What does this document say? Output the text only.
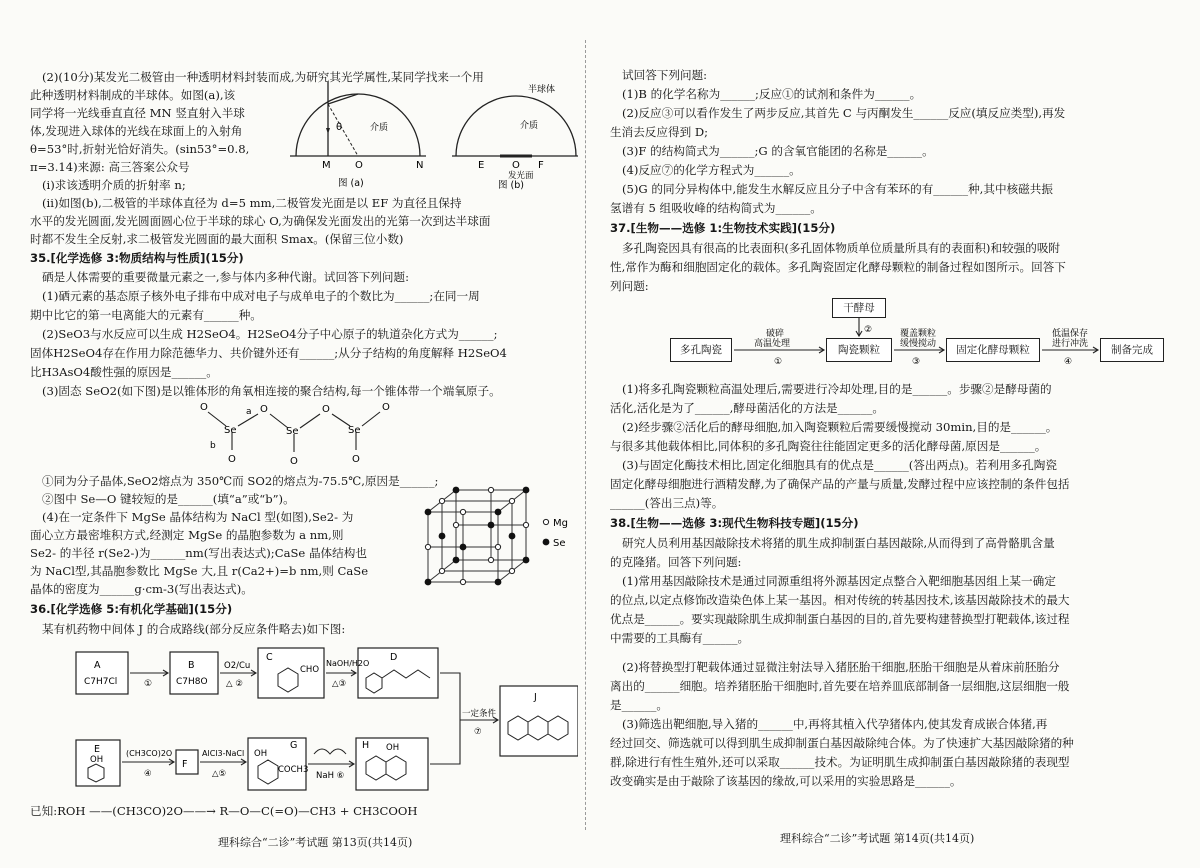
(2)(10分)某发光二极管由一种透明材料封装而成,为研究其光学属性,某同学找来一个用
此种透明材料制成的半球体。如图(a),该
同学将一光线垂直直径 MN 竖直射入半球
体,发现进入球体的光线在球面上的入射角
θ=53°时,折射光恰好消失。(sin53°=0.8,
π=3.14)来源: 高三答案公众号
(i)求该透明介质的折射率 n;
(ii)如图(b),二极管的半球体直径为 d=5 mm,二极管发光面是以 EF 为直径且保持
水平的发光圆面,发光圆面圆心位于半球的球心 O,为确保发光面发出的光第一次到达半球面
时都不发生全反射,求二极管发光圆面的最大面积 Smax。(保留三位小数)
M O	N
θ	介质
图 (a)
半球体
介质
E	O F
发光面
图 (b)
35.[化学选修 3:物质结构与性质](15分)
硒是人体需要的重要微量元素之一,参与体内多种代谢。试回答下列问题:
(1)硒元素的基态原子核外电子排布中成对电子与成单电子的个数比为______;在同一周
期中比它的第一电离能大的元素有______种。
(2)SeO3与水反应可以生成 H2SeO4。H2SeO4分子中心原子的轨道杂化方式为______;
固体H2SeO4存在作用力除范德华力、共价键外还有______;从分子结构的角度解释 H2SeO4
比H3AsO4酸性强的原因是______。
(3)固态 SeO2(如下图)是以锥体形的角氧相连接的聚合结构,每一个锥体带一个端氧原子。
O
Se
O
Se
O
Se
O
a
b
O	O	O
①同为分子晶体,SeO2熔点为 350℃而 SO2的熔点为-75.5℃,原因是______;
②图中 Se—O 键较短的是______(填“a”或“b”)。
(4)在一定条件下 MgSe 晶体结构为 NaCl 型(如图),Se2- 为
面心立方最密堆积方式,经测定 MgSe 的晶胞参数为 a nm,则
Se2- 的半径 r(Se2-)为______nm(写出表达式);CaSe 晶体结构也
为 NaCl型,其晶胞参数比 MgSe 大,且 r(Ca2+)=b nm,则 CaSe
晶体的密度为______g·cm-3(写出表达式)。
Mg
Se
36.[化学选修 5:有机化学基础](15分)
某有机药物中间体 J 的合成路线(部分反应条件略去)如下图:
A
C7H7Cl
B
C7H8O
①
O2/Cu
△ ②
C
CHO
NaOH/H2O
△③
D
一定条件
⑦
J
E
OH
(CH3CO)2O
④
F
AlCl3-NaCl
△⑤
G
OH
COCH3
NaH ⑥
H OH
已知:ROH ——(CH3CO)2O——→ R—O—C(=O)—CH3 + CH3COOH
理科综合“二诊”考试题 第13页(共14页)
试回答下列问题:
(1)B 的化学名称为______;反应①的试剂和条件为______。
(2)反应③可以看作发生了两步反应,其首先 C 与丙酮发生______反应(填反应类型),再发
生消去反应得到 D;
(3)F 的结构简式为______;G 的含氧官能团的名称是______。
(4)反应⑦的化学方程式为______。
(5)G 的同分异构体中,能发生水解反应且分子中含有苯环的有______种,其中核磁共振
氢谱有 5 组吸收峰的结构简式为______。
37.[生物——选修 1:生物技术实践](15分)
多孔陶瓷因具有很高的比表面积(多孔固体物质单位质量所具有的表面积)和较强的吸附
性,常作为酶和细胞固定化的载体。多孔陶瓷固定化酵母颗粒的制备过程如图所示。回答下
列问题:
干酵母
多孔陶瓷	陶瓷颗粒	固定化酵母颗粒	制备完成
破碎
高温处理
①
②	覆盖颗粒
缓慢搅动
③
低温保存
进行冲洗
④
(1)将多孔陶瓷颗粒高温处理后,需要进行冷却处理,目的是______。步骤②是酵母菌的
活化,活化是为了______,酵母菌活化的方法是______。
(2)经步骤②活化后的酵母细胞,加入陶瓷颗粒后需要缓慢搅动 30min,目的是______。
与很多其他载体相比,同体积的多孔陶瓷往往能固定更多的活化酵母菌,原因是______。
(3)与固定化酶技术相比,固定化细胞具有的优点是______(答出两点)。若利用多孔陶瓷
固定化酵母细胞进行酒精发酵,为了确保产品的产量与质量,发酵过程中应该控制的条件包括
______(答出三点)等。
38.[生物——选修 3:现代生物科技专题](15分)
研究人员利用基因敲除技术将猪的肌生成抑制蛋白基因敲除,从而得到了高骨骼肌含量
的克隆猪。回答下列问题:
(1)常用基因敲除技术是通过同源重组将外源基因定点整合入靶细胞基因组上某一确定
的位点,以定点修饰改造染色体上某一基因。相对传统的转基因技术,该基因敲除技术的最大
优点是______。要实现敲除肌生成抑制蛋白基因的目的,首先要构建替换型打靶载体,该过程
中需要的工具酶有______。
(2)将替换型打靶载体通过显微注射法导入猪胚胎干细胞,胚胎干细胞是从着床前胚胎分
离出的______细胞。培养猪胚胎干细胞时,首先要在培养皿底部制备一层细胞,这层细胞一般
是______。
(3)筛选出靶细胞,导入猪的______中,再将其植入代孕猪体内,使其发育成嵌合体猪,再
经过回交、筛选就可以得到肌生成抑制蛋白基因敲除纯合体。为了快速扩大基因敲除猪的种
群,除进行有性生殖外,还可以采取______技术。为证明肌生成抑制蛋白基因敲除猪的表现型
改变确实是由于敲除了该基因的缘故,可以采用的实验思路是______。
理科综合“二诊”考试题 第14页(共14页)
